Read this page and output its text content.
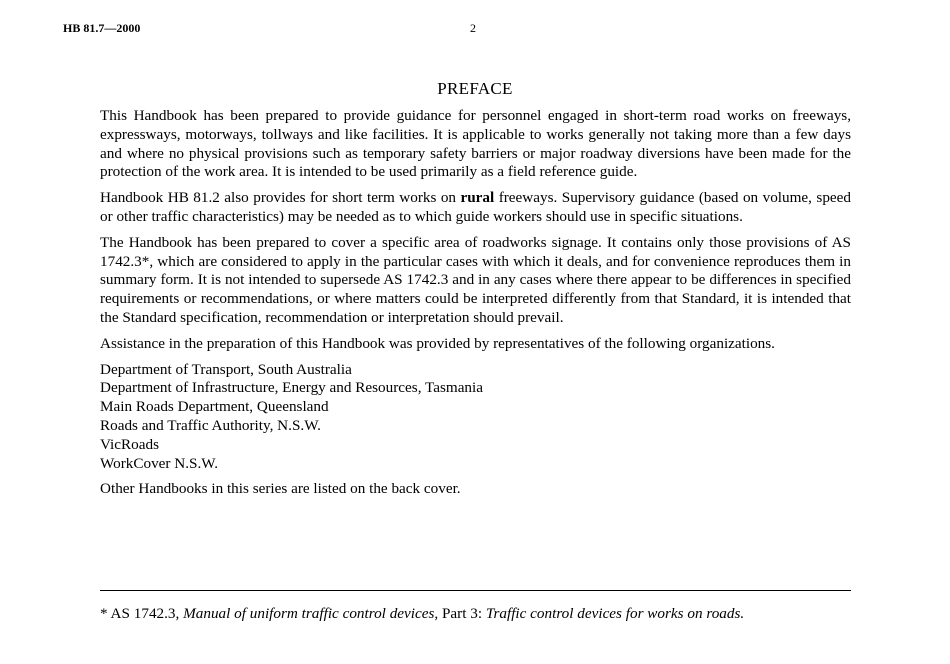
HB 81.7—2000	2
PREFACE

This Handbook has been prepared to provide guidance for personnel engaged in short-term road works on freeways, expressways, motorways, tollways and like facilities. It is applicable to works generally not taking more than a few days and where no physical provisions such as temporary safety barriers or major roadway diversions have been made for the protection of the work area. It is intended to be used primarily as a field reference guide.

Handbook HB 81.2 also provides for short term works on rural freeways. Supervisory guidance (based on volume, speed or other traffic characteristics) may be needed as to which guide workers should use in specific situations.

The Handbook has been prepared to cover a specific area of roadworks signage. It contains only those provisions of AS 1742.3*, which are considered to apply in the particular cases with which it deals, and for convenience reproduces them in summary form. It is not intended to supersede AS 1742.3 and in any cases where there appear to be differences in specified requirements or recommendations, or where matters could be interpreted differently from that Standard, it is intended that the Standard specification, recommendation or interpretation should prevail.

Assistance in the preparation of this Handbook was provided by representatives of the following organizations.

Department of Transport, South Australia
Department of Infrastructure, Energy and Resources, Tasmania
Main Roads Department, Queensland
Roads and Traffic Authority, N.S.W.
VicRoads
WorkCover N.S.W.

Other Handbooks in this series are listed on the back cover.

* AS 1742.3, Manual of uniform traffic control devices, Part 3: Traffic control devices for works on roads.
